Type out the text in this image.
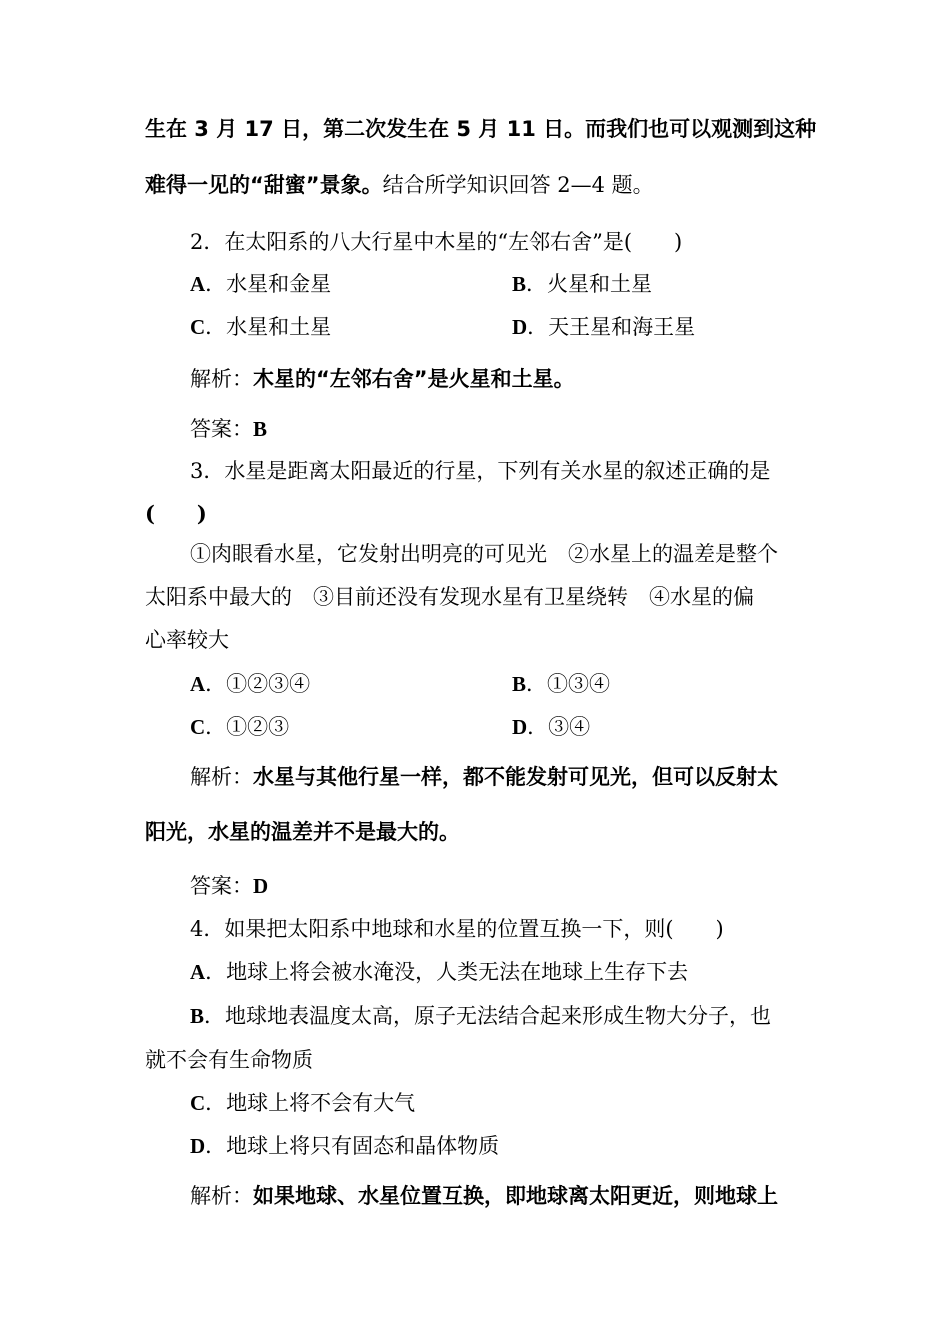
生在 3 月 17 日，第二次发生在 5 月 11 日。而我们也可以观测到这种
难得一见的“甜蜜”景象。结合所学知识回答 2—4 题。
2．在太阳系的八大行星中木星的“左邻右舍”是(　　)
A．水星和金星	B．火星和土星
C．水星和土星	D．天王星和海王星
解析：木星的“左邻右舍”是火星和土星。
答案：B
3．水星是距离太阳最近的行星，下列有关水星的叙述正确的是
(　　)
①肉眼看水星，它发射出明亮的可见光　②水星上的温差是整个
太阳系中最大的　③目前还没有发现水星有卫星绕转　④水星的偏
心率较大
A．①②③④	B．①③④
C．①②③	D．③④
解析：水星与其他行星一样，都不能发射可见光，但可以反射太
阳光，水星的温差并不是最大的。
答案：D
4．如果把太阳系中地球和水星的位置互换一下，则(　　)
A．地球上将会被水淹没，人类无法在地球上生存下去
B．地球地表温度太高，原子无法结合起来形成生物大分子，也
就不会有生命物质
C．地球上将不会有大气
D．地球上将只有固态和晶体物质
解析：如果地球、水星位置互换，即地球离太阳更近，则地球上
